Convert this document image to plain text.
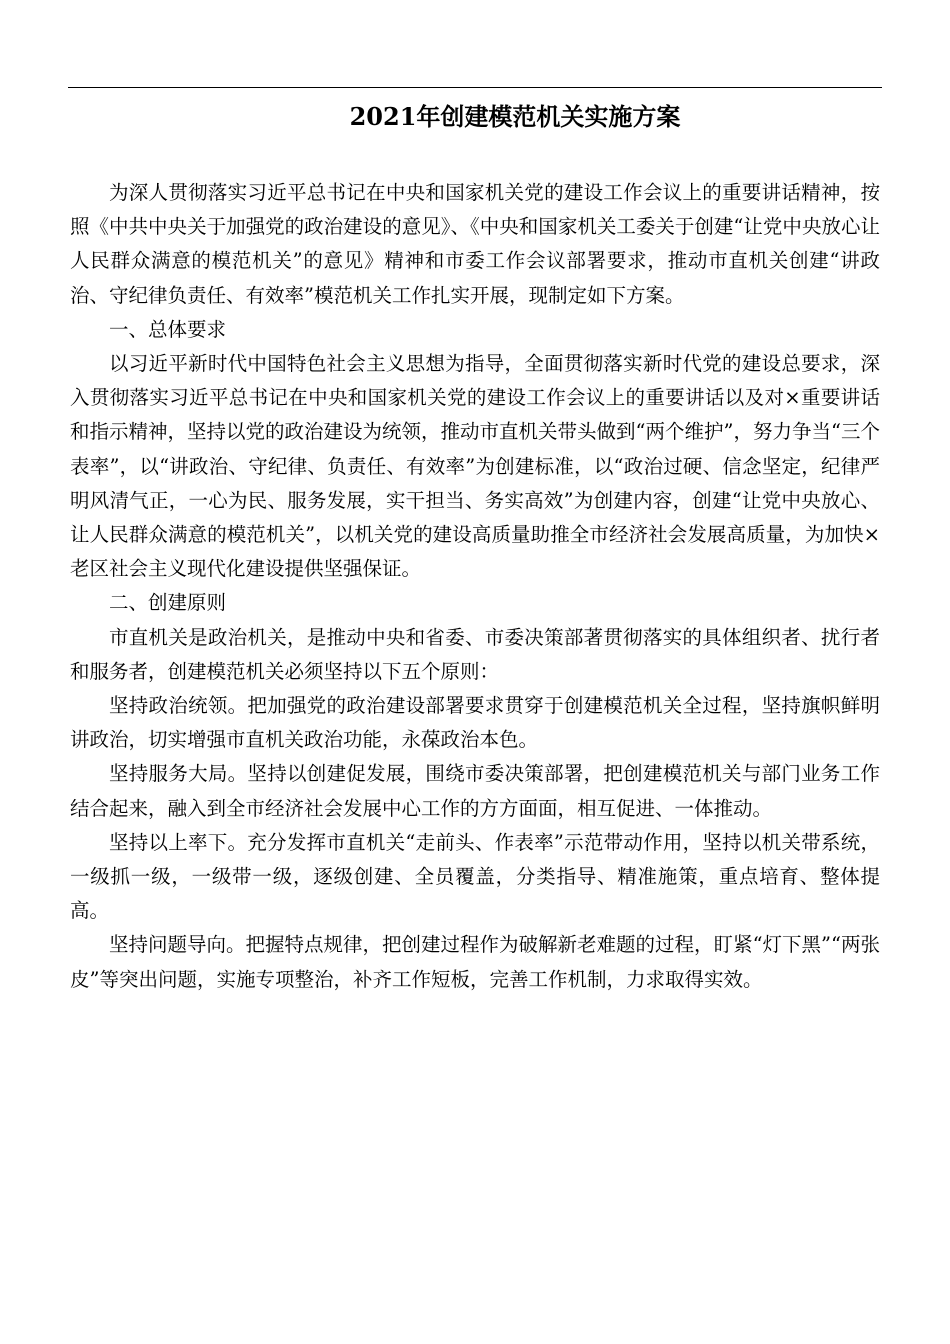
2021年创建模范机关实施方案

为深人贯彻落实习近平总书记在中央和国家机关党的建设工作会议上的重要讲话精神，按照《中共中央关于加强党的政治建设的意见》、《中央和国家机关工委关于创建“让党中央放心让人民群众满意的模范机关”的意见》精神和市委工作会议部署要求，推动市直机关创建“讲政治、守纪律负责任、有效率”模范机关工作扎实开展，现制定如下方案。

一、总体要求

以习近平新时代中国特色社会主义思想为指导，全面贯彻落实新时代党的建设总要求，深入贯彻落实习近平总书记在中央和国家机关党的建设工作会议上的重要讲话以及对×重要讲话和指示精神，坚持以党的政治建设为统领，推动市直机关带头做到“两个维护”，努力争当“三个表率”，以“讲政治、守纪律、负责任、有效率”为创建标准，以“政治过硬、信念坚定，纪律严明风清气正，一心为民、服务发展，实干担当、务实高效”为创建内容，创建“让党中央放心、让人民群众满意的模范机关”，以机关党的建设高质量助推全市经济社会发展高质量，为加快×老区社会主义现代化建设提供坚强保证。

二、创建原则

市直机关是政治机关，是推动中央和省委、市委决策部著贯彻落实的具体组织者、扰行者和服务者，创建模范机关必须坚持以下五个原则：

坚持政治统领。把加强党的政治建设部署要求贯穿于创建模范机关全过程，坚持旗帜鲜明讲政治，切实增强市直机关政治功能，永葆政治本色。

坚持服务大局。坚持以创建促发展，围绕市委决策部署，把创建模范机关与部门业务工作结合起来，融入到全市经济社会发展中心工作的方方面面，相互促进、一体推动。

坚持以上率下。充分发挥市直机关“走前头、作表率”示范带动作用，坚持以机关带系统，一级抓一级，一级带一级，逐级创建、全员覆盖，分类指导、精准施策，重点培育、整体提高。

坚持问题导向。把握特点规律，把创建过程作为破解新老难题的过程，盯紧“灯下黑”“两张皮”等突出问题，实施专项整治，补齐工作短板，完善工作机制，力求取得实效。
